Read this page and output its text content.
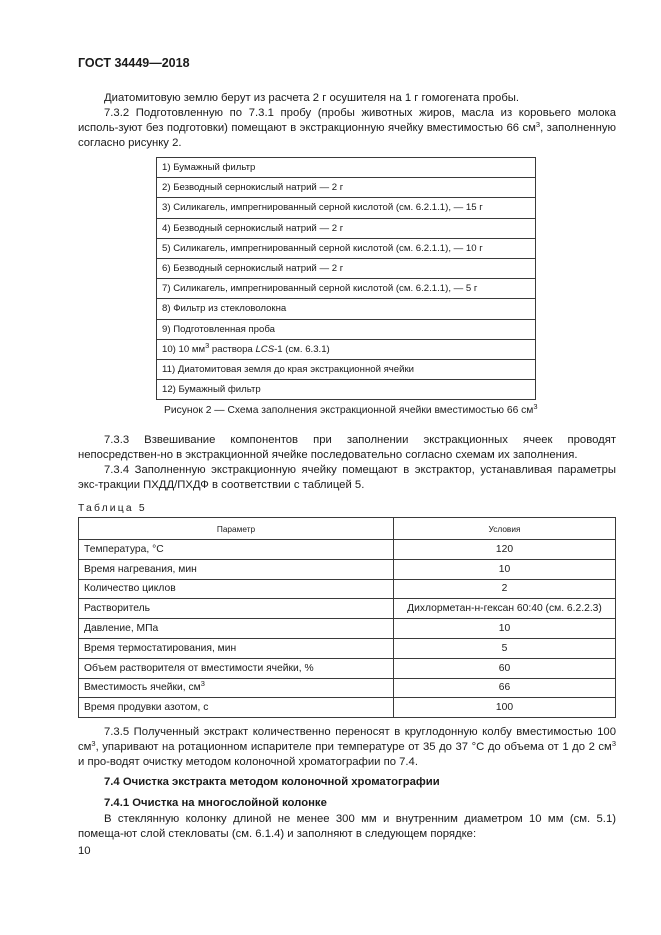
ГОСТ 34449—2018

Диатомитовую землю берут из расчета 2 г осушителя на 1 г гомогената пробы.

7.3.2 Подготовленную по 7.3.1 пробу (пробы животных жиров, масла из коровьего молока исполь-зуют без подготовки) помещают в экстракционную ячейку вместимостью 66 $см^3$, заполненную согласно рисунку 2.

1) Бумажный фильтр
2) Безводный сернокислый натрий — 2 г
3) Силикагель, импрегнированный серной кислотой (см. 6.2.1.1), — 15 г
4) Безводный сернокислый натрий — 2 г
5) Силикагель, импрегнированный серной кислотой (см. 6.2.1.1), — 10 г
6) Безводный сернокислый натрий — 2 г
7) Силикагель, импрегнированный серной кислотой (см. 6.2.1.1), — 5 г
8) Фильтр из стекловолокна
9) Подготовленная проба
10) 10 $мм^3$ раствора LCS-1 (см. 6.3.1)
11) Диатомитовая земля до края экстракционной ячейки
12) Бумажный фильтр
Рисунок 2 — Схема заполнения экстракционной ячейки вместимостью 66 $см^3$

7.3.3 Взвешивание компонентов при заполнении экстракционных ячеек проводят непосредствен-но в экстракционной ячейке последовательно согласно схемам их заполнения.

7.3.4 Заполненную экстракционную ячейку помещают в экстрактор, устанавливая параметры экс-тракции ПХДД/ПХДФ в соответствии с таблицей 5.

Таблица 5
Параметр	Условия
Температура, °С	120
Время нагревания, мин	10
Количество циклов	2
Растворитель	Дихлорметан-н-гексан 60:40 (см. 6.2.2.3)
Давление, МПа	10
Время термостатирования, мин	5
Объем растворителя от вместимости ячейки, %	60
Вместимость ячейки, $см^3$	66
Время продувки азотом, с	100

7.3.5 Полученный экстракт количественно переносят в круглодонную колбу вместимостью 100 $см^3$, упаривают на ротационном испарителе при температуре от 35 до 37 °С до объема от 1 до 2 $см^3$ и про-водят очистку методом колоночной хроматографии по 7.4.

7.4 Очистка экстракта методом колоночной хроматографии
7.4.1 Очистка на многослойной колонке

В стеклянную колонку длиной не менее 300 мм и внутренним диаметром 10 мм (см. 5.1) помеща-ют слой стекловаты (см. 6.1.4) и заполняют в следующем порядке:

10
